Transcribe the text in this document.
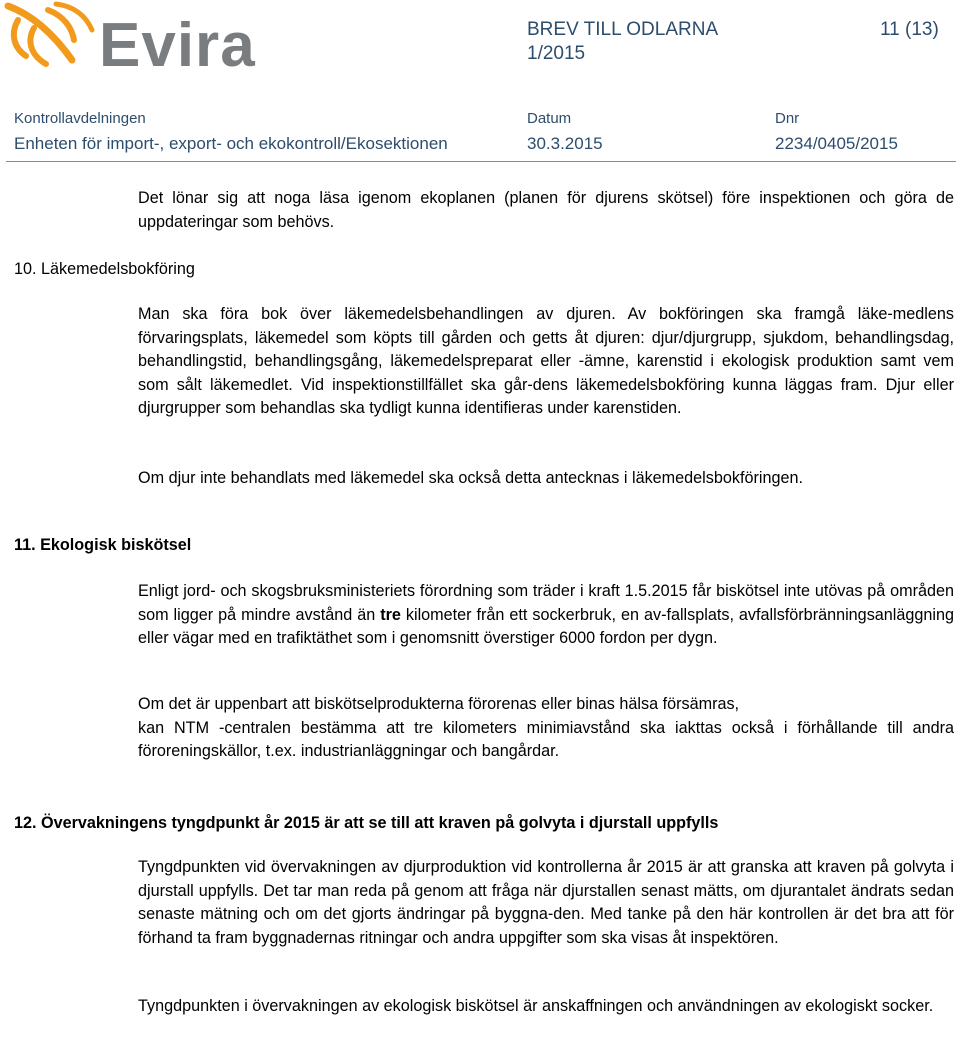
Evira	BREV TILL ODLARNA
1/2015
11 (13)
Kontrollavdelningen
Enheten för import-, export- och ekokontroll/Ekosektionen
Datum
30.3.2015
Dnr
2234/0405/2015
Det lönar sig att noga läsa igenom ekoplanen (planen för djurens skötsel) före inspektionen och göra de uppdateringar som behövs.
10. Läkemedelsbokföring
Man ska föra bok över läkemedelsbehandlingen av djuren. Av bokföringen ska framgå läke-medlens förvaringsplats, läkemedel som köpts till gården och getts åt djuren: djur/djurgrupp, sjukdom, behandlingsdag, behandlingstid, behandlingsgång, läkemedelspreparat eller -ämne, karenstid i ekologisk produktion samt vem som sålt läkemedlet. Vid inspektionstillfället ska går-dens läkemedelsbokföring kunna läggas fram. Djur eller djurgrupper som behandlas ska tydligt kunna identifieras under karenstiden.
Om djur inte behandlats med läkemedel ska också detta antecknas i läkemedelsbokföringen.
11. Ekologisk biskötsel
Enligt jord- och skogsbruksministeriets förordning som träder i kraft 1.5.2015 får biskötsel inte utövas på områden som ligger på mindre avstånd än tre kilometer från ett sockerbruk, en av-fallsplats, avfallsförbränningsanläggning eller vägar med en trafiktäthet som i genomsnitt överstiger 6000 fordon per dygn.
Om det är uppenbart att biskötselprodukterna förorenas eller binas hälsa försämras,
kan NTM -centralen bestämma att tre kilometers minimiavstånd ska iakttas också i förhållande till andra föroreningskällor, t.ex. industrianläggningar och bangårdar.
12. Övervakningens tyngdpunkt år 2015 är att se till att kraven på golvyta i djurstall uppfylls
Tyngdpunkten vid övervakningen av djurproduktion vid kontrollerna år 2015 är att granska att kraven på golvyta i djurstall uppfylls. Det tar man reda på genom att fråga när djurstallen senast mätts, om djurantalet ändrats sedan senaste mätning och om det gjorts ändringar på byggna-den. Med tanke på den här kontrollen är det bra att för förhand ta fram byggnadernas ritningar och andra uppgifter som ska visas åt inspektören.
Tyngdpunkten i övervakningen av ekologisk biskötsel är anskaffningen och användningen av ekologiskt socker.
